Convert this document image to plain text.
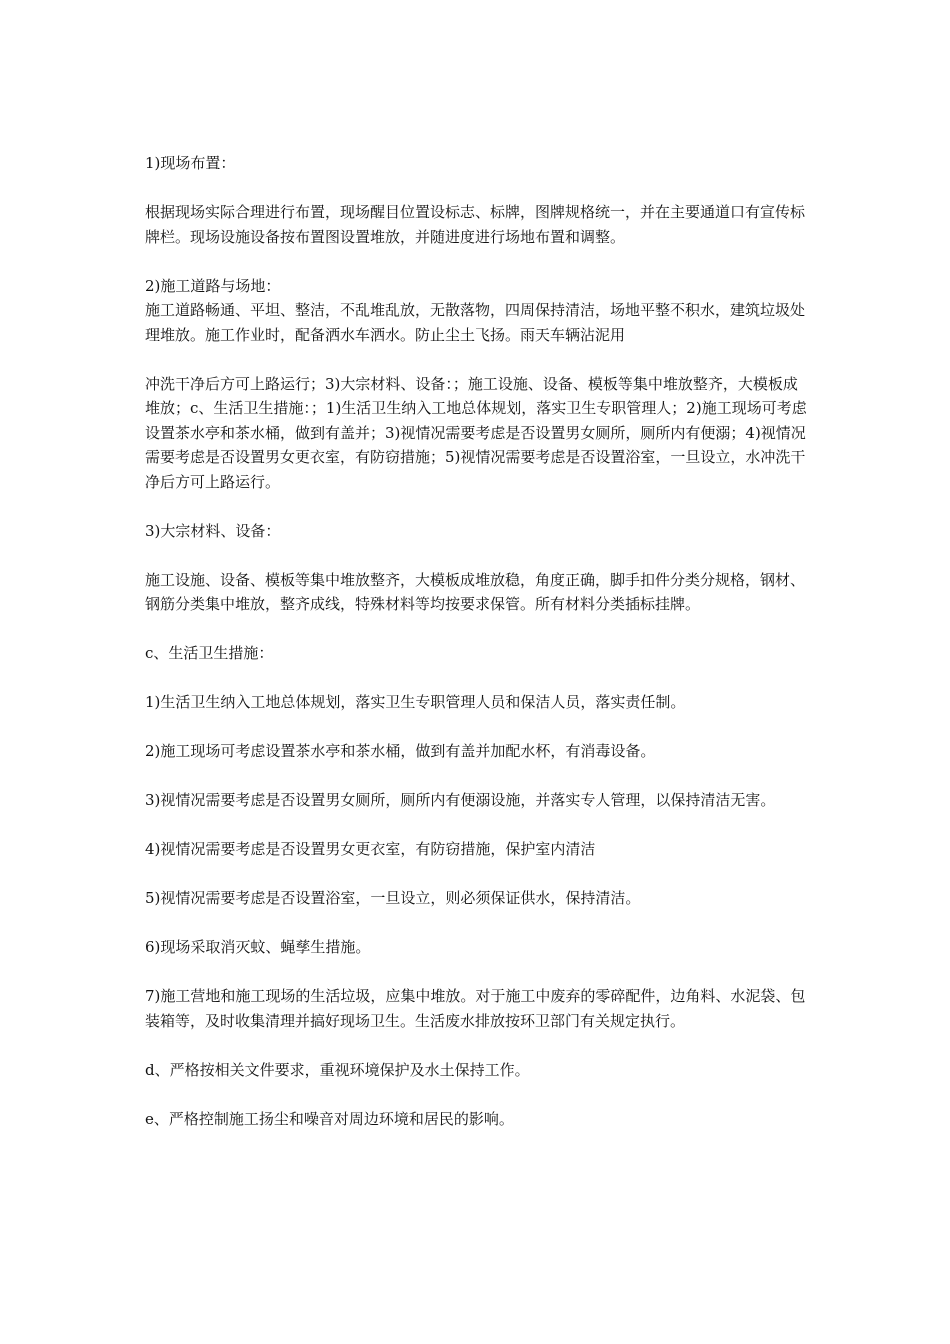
1)现场布置：

根据现场实际合理进行布置，现场醒目位置设标志、标牌，图牌规格统一，并在主要通道口有宣传标牌栏。现场设施设备按布置图设置堆放，并随进度进行场地布置和调整。

2)施工道路与场地：
施工道路畅通、平坦、整洁，不乱堆乱放，无散落物，四周保持清洁，场地平整不积水，建筑垃圾处理堆放。施工作业时，配备洒水车洒水。防止尘土飞扬。雨天车辆沾泥用

冲洗干净后方可上路运行；3)大宗材料、设备：；施工设施、设备、模板等集中堆放整齐，大模板成堆放；c、生活卫生措施：；1)生活卫生纳入工地总体规划，落实卫生专职管理人；2)施工现场可考虑设置茶水亭和茶水桶，做到有盖并；3)视情况需要考虑是否设置男女厕所，厕所内有便溺；4)视情况需要考虑是否设置男女更衣室，有防窃措施；5)视情况需要考虑是否设置浴室，一旦设立，水冲洗干净后方可上路运行。

3)大宗材料、设备：

施工设施、设备、模板等集中堆放整齐，大模板成堆放稳，角度正确，脚手扣件分类分规格，钢材、钢筋分类集中堆放，整齐成线，特殊材料等均按要求保管。所有材料分类插标挂牌。

c、生活卫生措施：

1)生活卫生纳入工地总体规划，落实卫生专职管理人员和保洁人员，落实责任制。

2)施工现场可考虑设置茶水亭和茶水桶，做到有盖并加配水杯，有消毒设备。

3)视情况需要考虑是否设置男女厕所，厕所内有便溺设施，并落实专人管理，以保持清洁无害。

4)视情况需要考虑是否设置男女更衣室，有防窃措施，保护室内清洁

5)视情况需要考虑是否设置浴室，一旦设立，则必须保证供水，保持清洁。

6)现场采取消灭蚊、蝇孳生措施。

7)施工营地和施工现场的生活垃圾，应集中堆放。对于施工中废弃的零碎配件，边角料、水泥袋、包装箱等，及时收集清理并搞好现场卫生。生活废水排放按环卫部门有关规定执行。

d、严格按相关文件要求，重视环境保护及水土保持工作。

e、严格控制施工扬尘和噪音对周边环境和居民的影响。
